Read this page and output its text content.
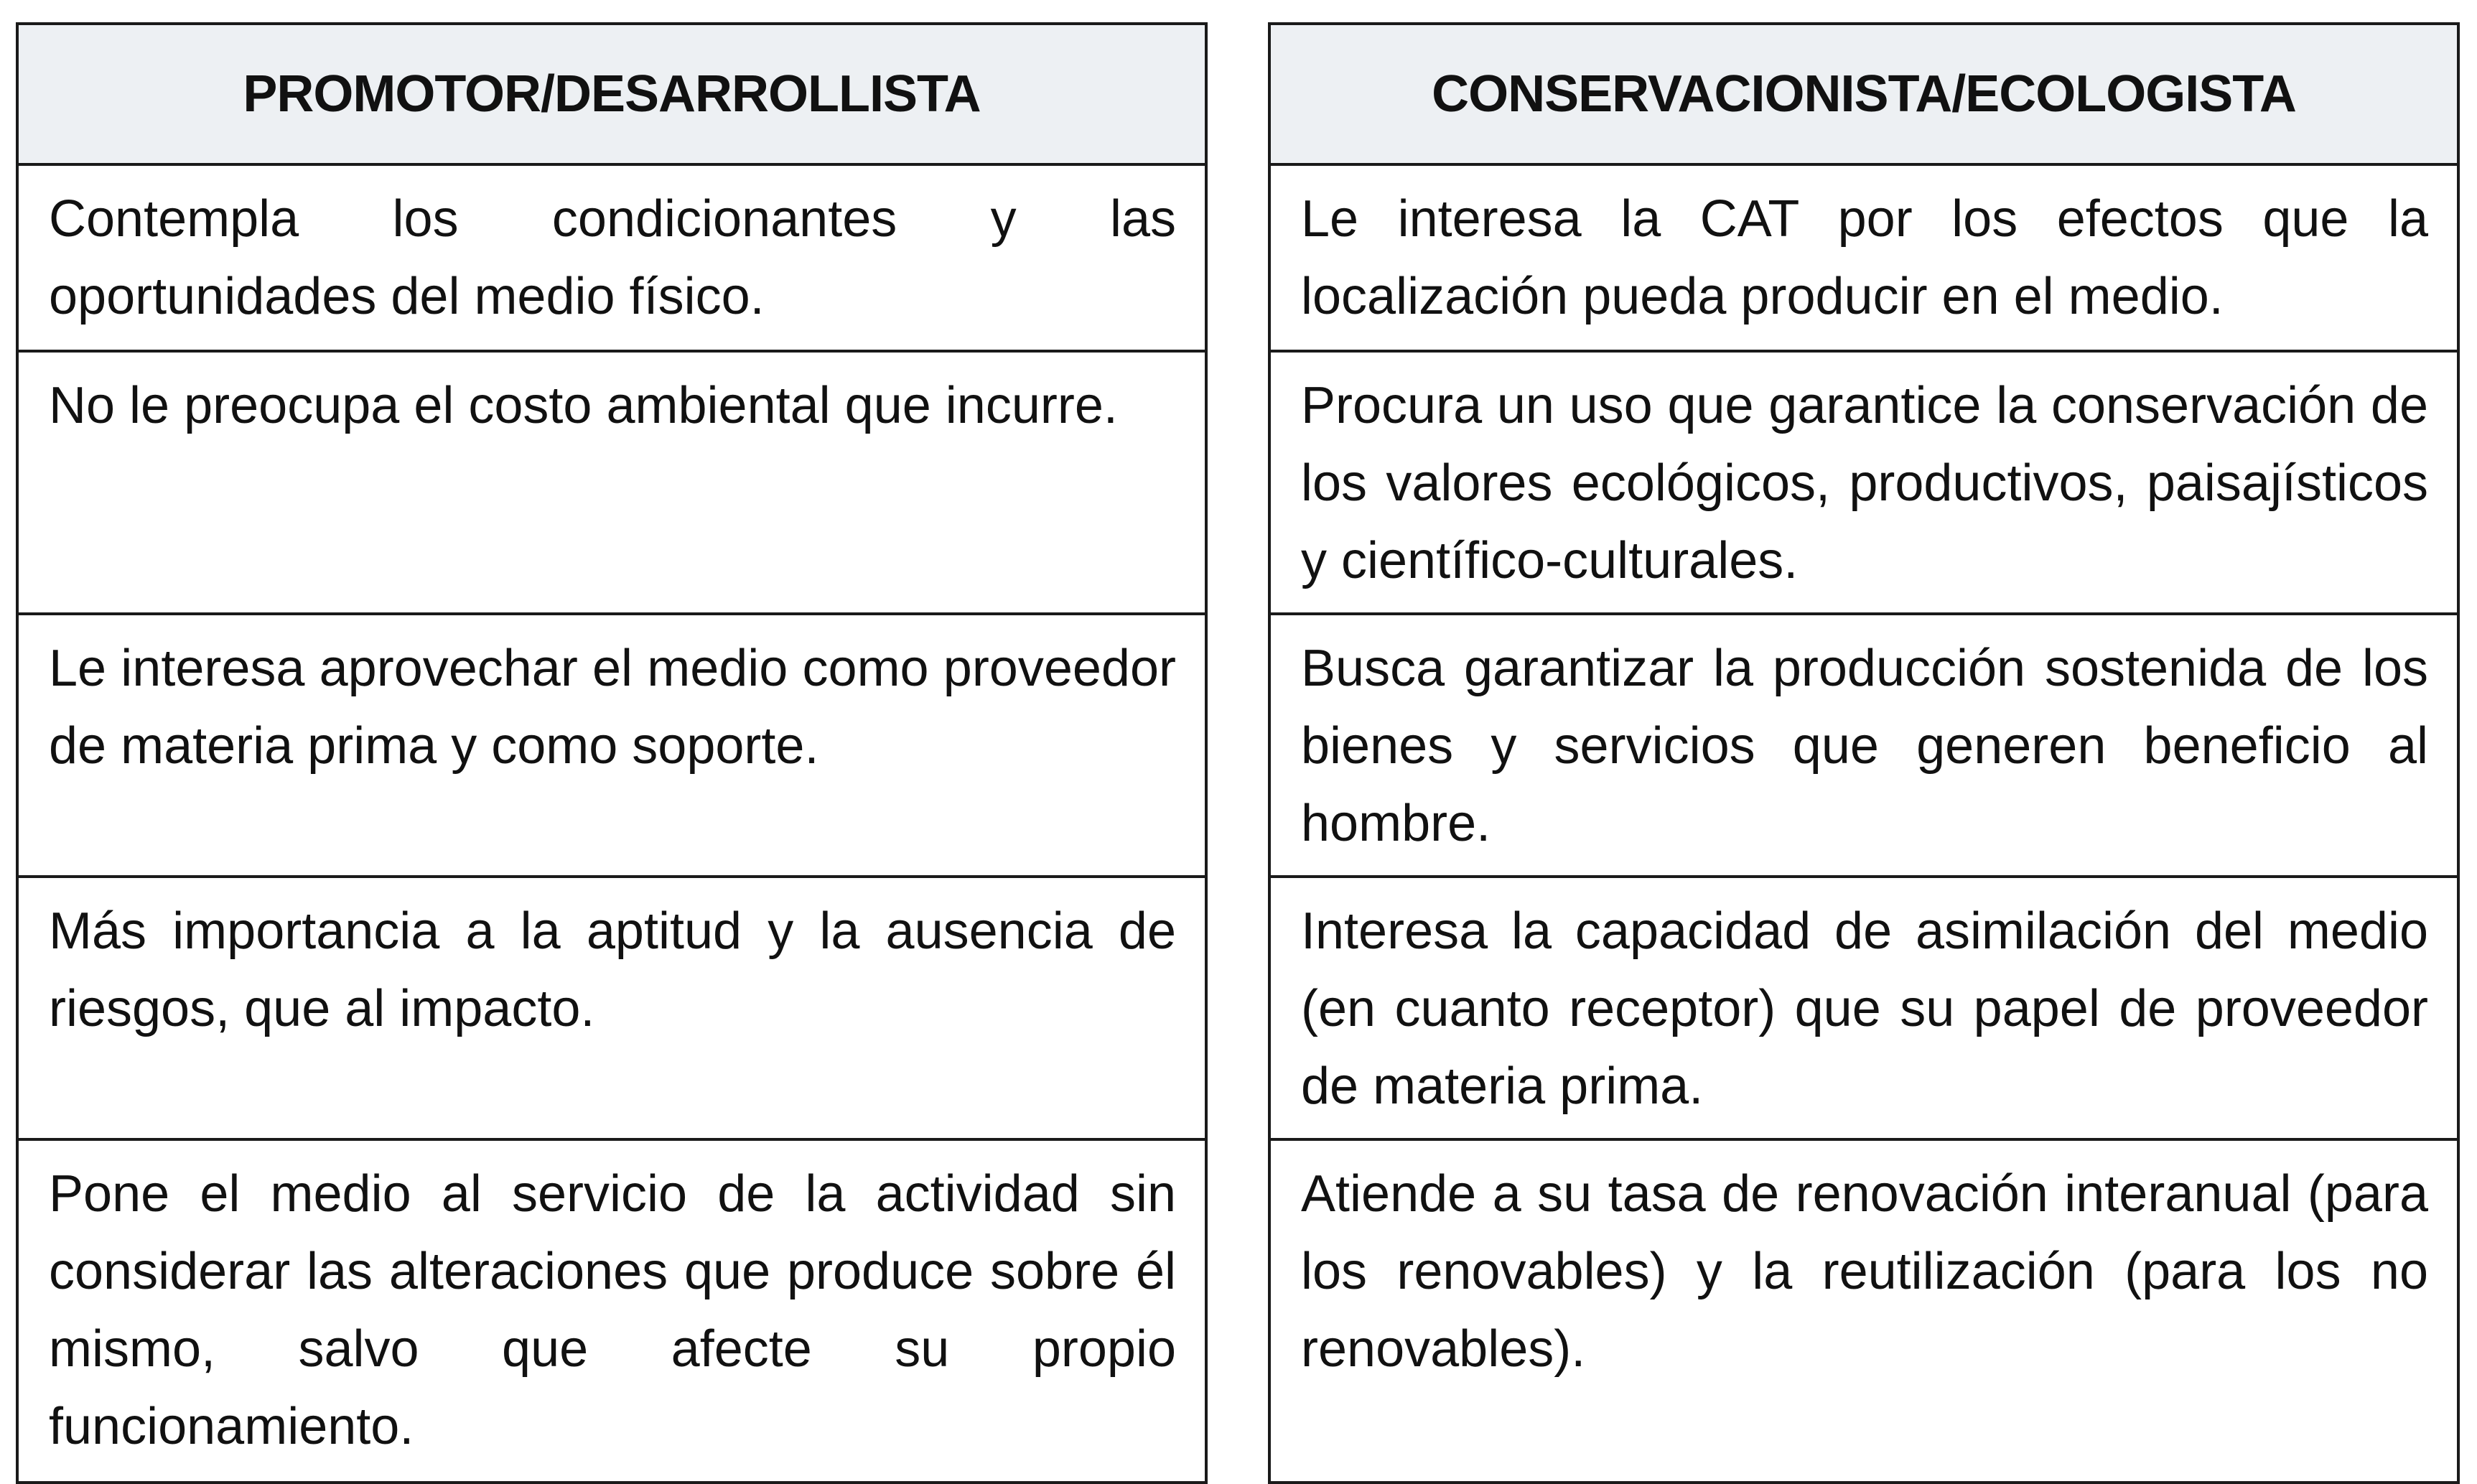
PROMOTOR/DESARROLLISTA
Contempla los condicionantes y las oportunidades del medio físico.
No le preocupa el costo ambiental que incurre.
Le interesa aprovechar el medio como proveedor de materia prima y como soporte.
Más importancia a la aptitud y la ausencia de riesgos, que al impacto.
Pone el medio al servicio de la actividad sin considerar las alteraciones que produce sobre él mismo, salvo que afecte su propio funcionamiento.
CONSERVACIONISTA/ECOLOGISTA
Le interesa la CAT por los efectos que la localización pueda producir en el medio.
Procura un uso que garantice la conservación de los valores ecológicos, productivos, paisajísticos y científico-culturales.
Busca garantizar la producción sostenida de los bienes y servicios que generen beneficio al hombre.
Interesa la capacidad de asimilación del medio (en cuanto receptor) que su papel de proveedor de materia prima.
Atiende a su tasa de renovación interanual (para los renovables) y la reutilización (para los no renovables).
